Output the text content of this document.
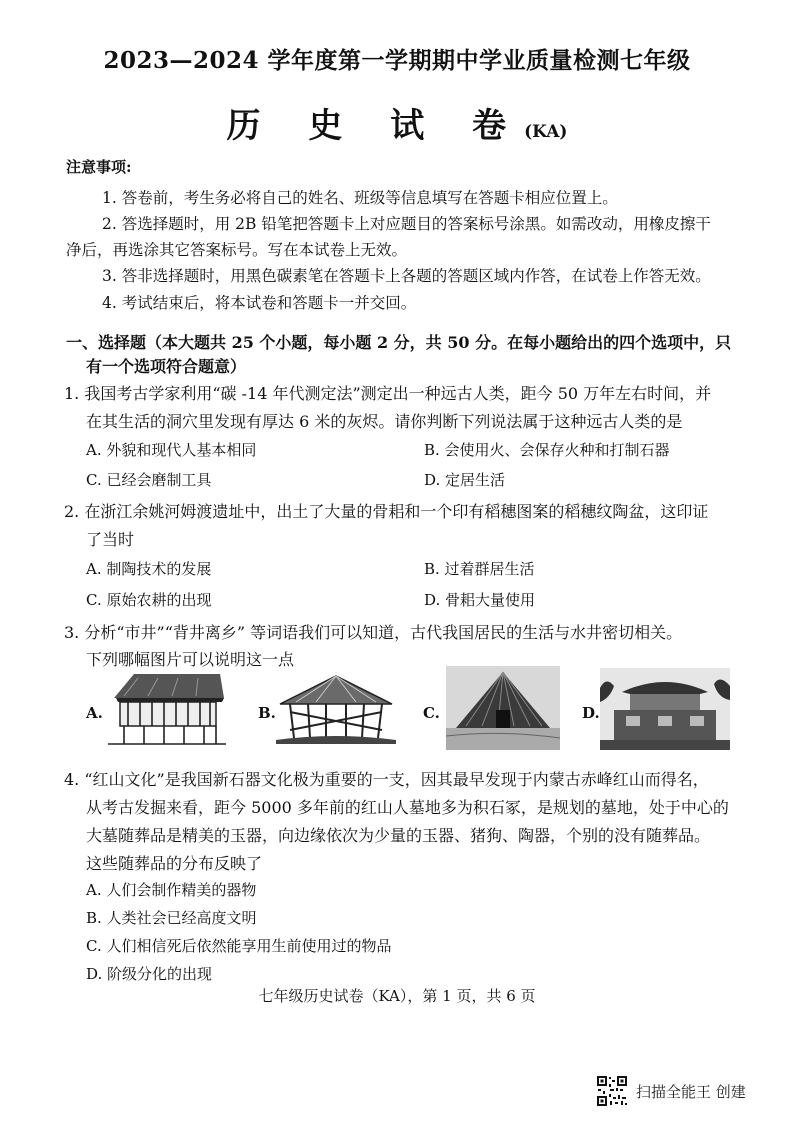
2023—2024 学年度第一学期期中学业质量检测七年级
历 史 试 卷(KA)
注意事项:
1. 答卷前，考生务必将自己的姓名、班级等信息填写在答题卡相应位置上。
2. 答选择题时，用 2B 铅笔把答题卡上对应题目的答案标号涂黑。如需改动，用橡皮擦干
净后，再选涂其它答案标号。写在本试卷上无效。
3. 答非选择题时，用黑色碳素笔在答题卡上各题的答题区域内作答，在试卷上作答无效。
4. 考试结束后，将本试卷和答题卡一并交回。
一、选择题（本大题共 25 个小题，每小题 2 分，共 50 分。在每小题给出的四个选项中，只
有一个选项符合题意）
1. 我国考古学家利用“碳 -14 年代测定法”测定出一种远古人类，距今 50 万年左右时间，并
在其生活的洞穴里发现有厚达 6 米的灰烬。请你判断下列说法属于这种远古人类的是
A. 外貌和现代人基本相同	B. 会使用火、会保存火种和打制石器
C. 已经会磨制工具	D. 定居生活
2. 在浙江余姚河姆渡遗址中，出土了大量的骨耜和一个印有稻穗图案的稻穗纹陶盆，这印证
了当时
A. 制陶技术的发展	B. 过着群居生活
C. 原始农耕的出现	D. 骨耜大量使用
3. 分析“市井”“背井离乡” 等词语我们可以知道，古代我国居民的生活与水井密切相关。
下列哪幅图片可以说明这一点
A.	B.	C.	D.
4. “红山文化”是我国新石器文化极为重要的一支，因其最早发现于内蒙古赤峰红山而得名，
从考古发掘来看，距今 5000 多年前的红山人墓地多为积石冢，是规划的墓地，处于中心的
大墓随葬品是精美的玉器，向边缘依次为少量的玉器、猪狗、陶器，个别的没有随葬品。
这些随葬品的分布反映了
A. 人们会制作精美的器物
B. 人类社会已经高度文明
C. 人们相信死后依然能享用生前使用过的物品
D. 阶级分化的出现
七年级历史试卷（KA），第 1 页，共 6 页
扫描全能王 创建
